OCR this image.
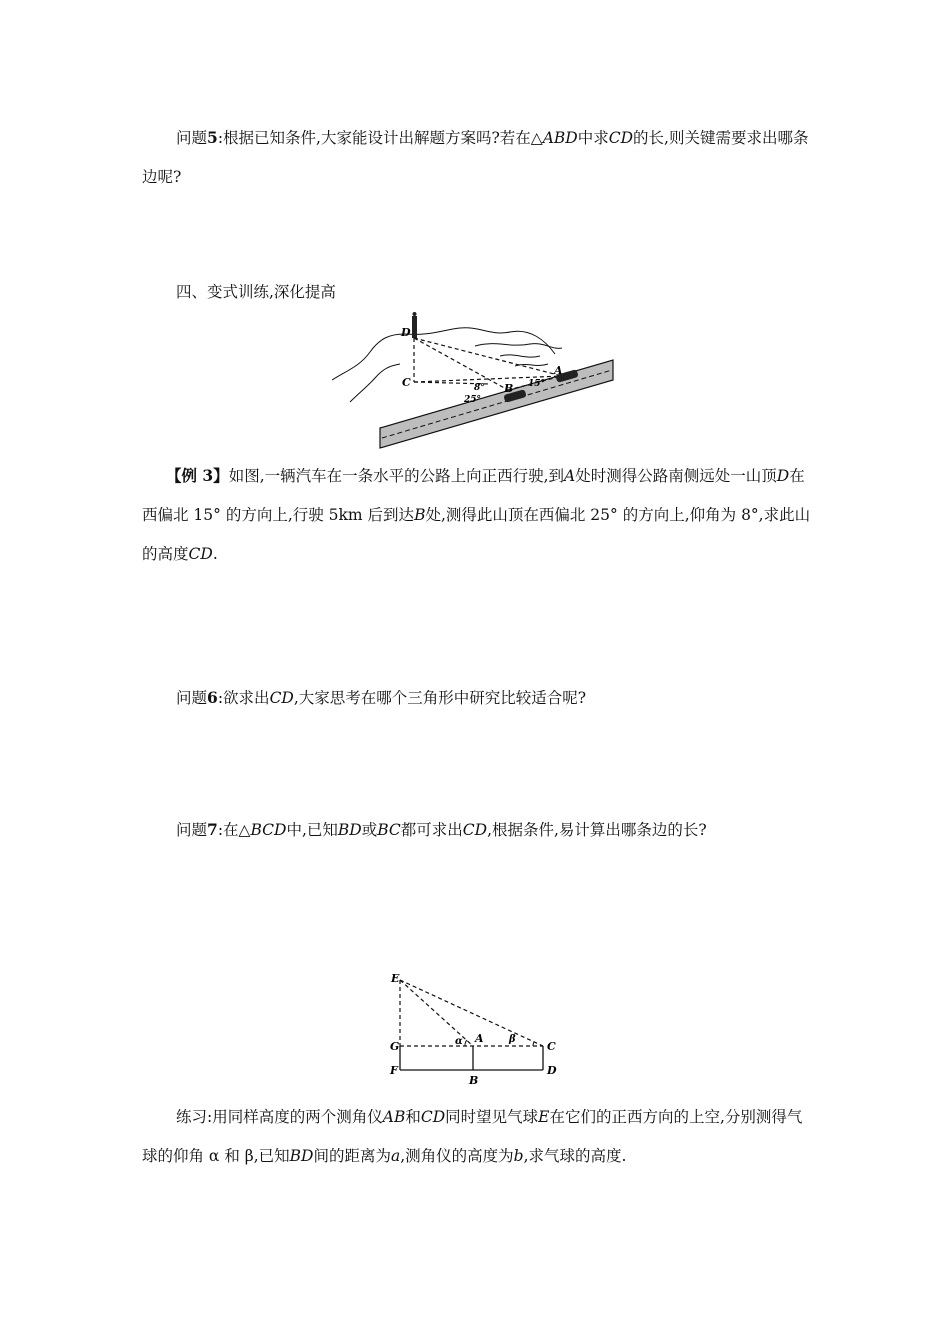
问题5:根据已知条件,大家能设计出解题方案吗?若在△ABD中求CD的长,则关键需要求出哪条边呢?
四、变式训练,深化提高
D
C	B
A
8°	15°
25°
【例 3】如图,一辆汽车在一条水平的公路上向正西行驶,到A处时测得公路南侧远处一山顶D在西偏北 15° 的方向上,行驶 5km 后到达B处,测得此山顶在西偏北 25° 的方向上,仰角为 8°,求此山的高度CD.
问题6:欲求出CD,大家思考在哪个三角形中研究比较适合呢?
问题7:在△BCD中,已知BD或BC都可求出CD,根据条件,易计算出哪条边的长?
E
G
F
A
B
C
D
α	β
练习:用同样高度的两个测角仪AB和CD同时望见气球E在它们的正西方向的上空,分别测得气球的仰角 α 和 β,已知BD间的距离为a,测角仪的高度为b,求气球的高度.
